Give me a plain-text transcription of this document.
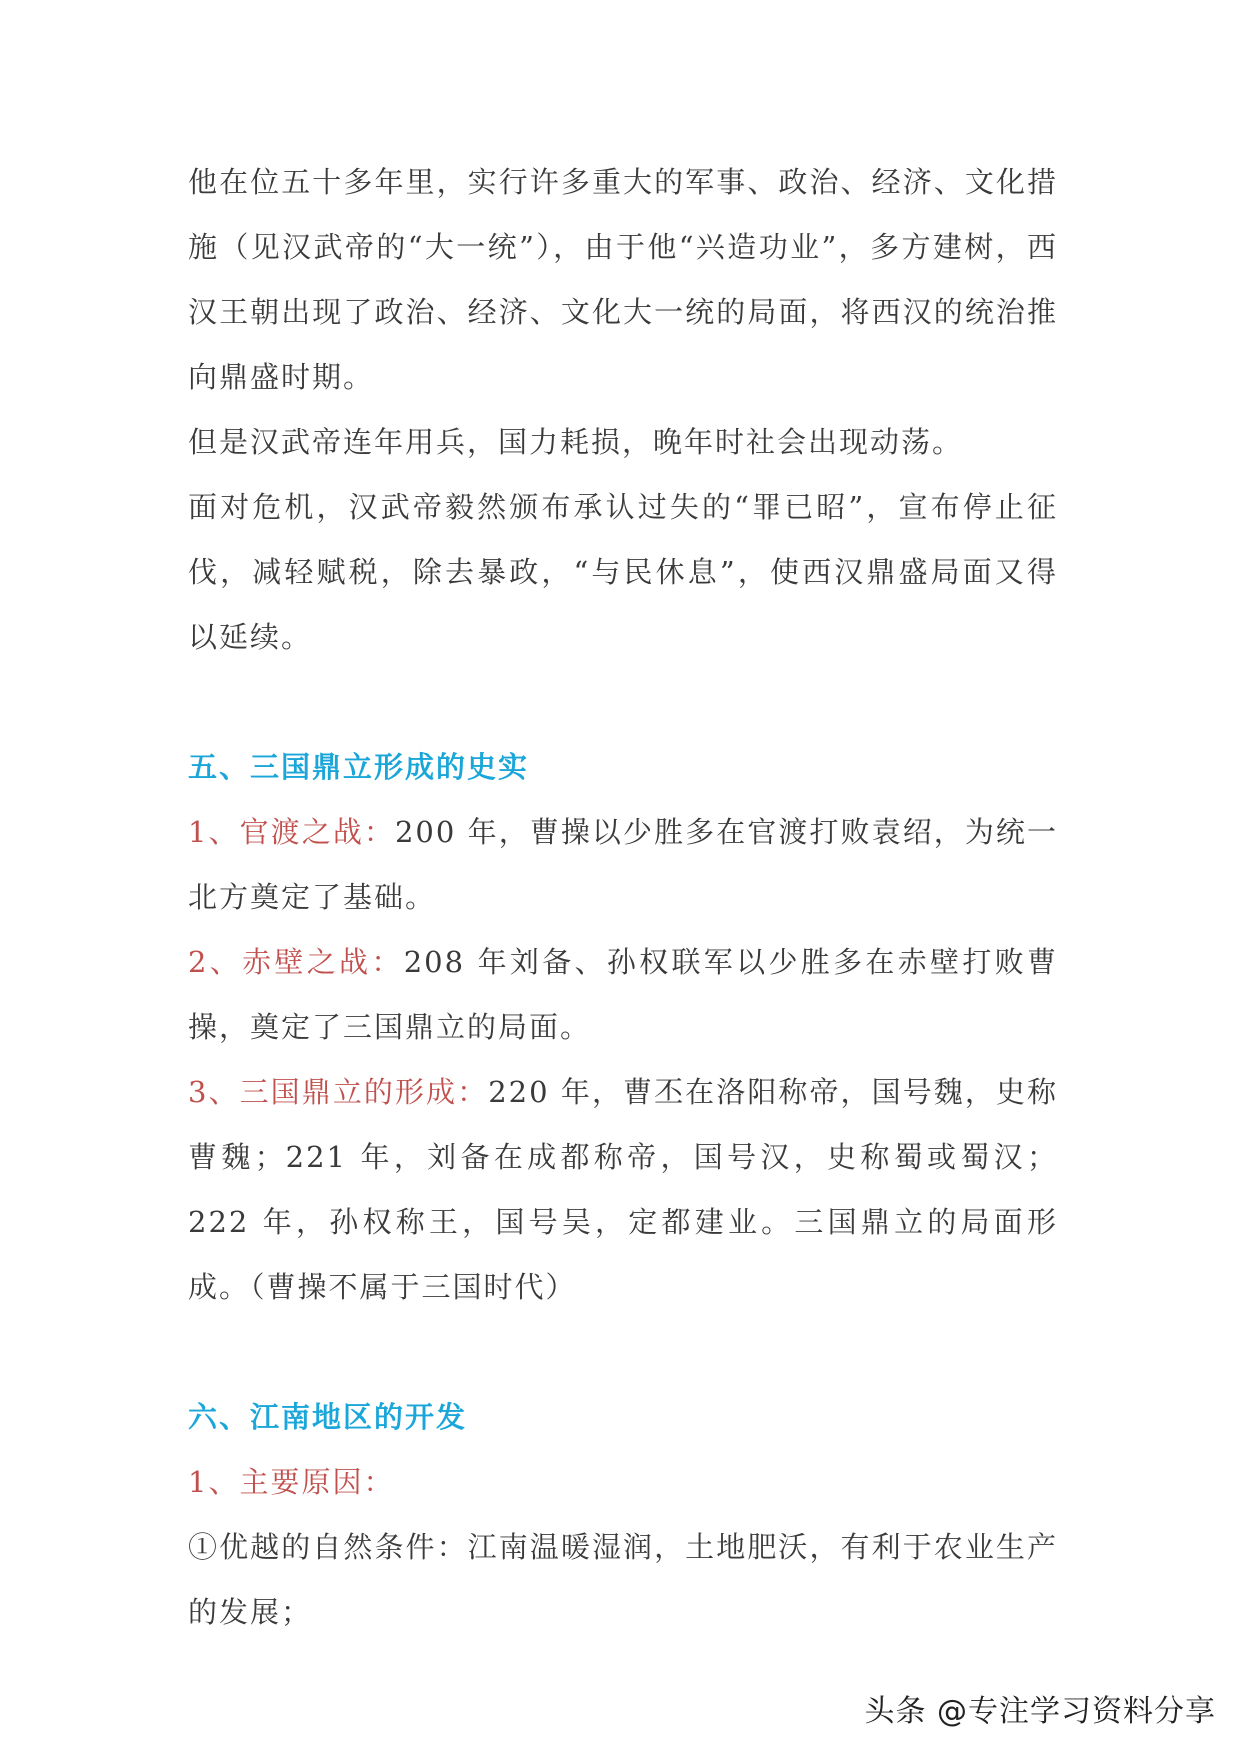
他在位五十多年里，实行许多重大的军事、政治、经济、文化措施（见汉武帝的“大一统”），由于他“兴造功业”，多方建树，西汉王朝出现了政治、经济、文化大一统的局面，将西汉的统治推向鼎盛时期。

但是汉武帝连年用兵，国力耗损，晚年时社会出现动荡。

面对危机，汉武帝毅然颁布承认过失的“罪已昭”，宣布停止征伐，减轻赋税，除去暴政，“与民休息”，使西汉鼎盛局面又得以延续。

五、三国鼎立形成的史实

1、官渡之战：200 年，曹操以少胜多在官渡打败袁绍，为统一北方奠定了基础。

2、赤壁之战：208 年刘备、孙权联军以少胜多在赤壁打败曹操，奠定了三国鼎立的局面。

3、三国鼎立的形成：220 年，曹丕在洛阳称帝，国号魏，史称曹魏；221 年，刘备在成都称帝，国号汉，史称蜀或蜀汉；222 年，孙权称王，国号吴，定都建业。三国鼎立的局面形成。（曹操不属于三国时代）

六、江南地区的开发

1、主要原因：

①优越的自然条件：江南温暖湿润，土地肥沃，有利于农业生产的发展；

头条 @专注学习资料分享
